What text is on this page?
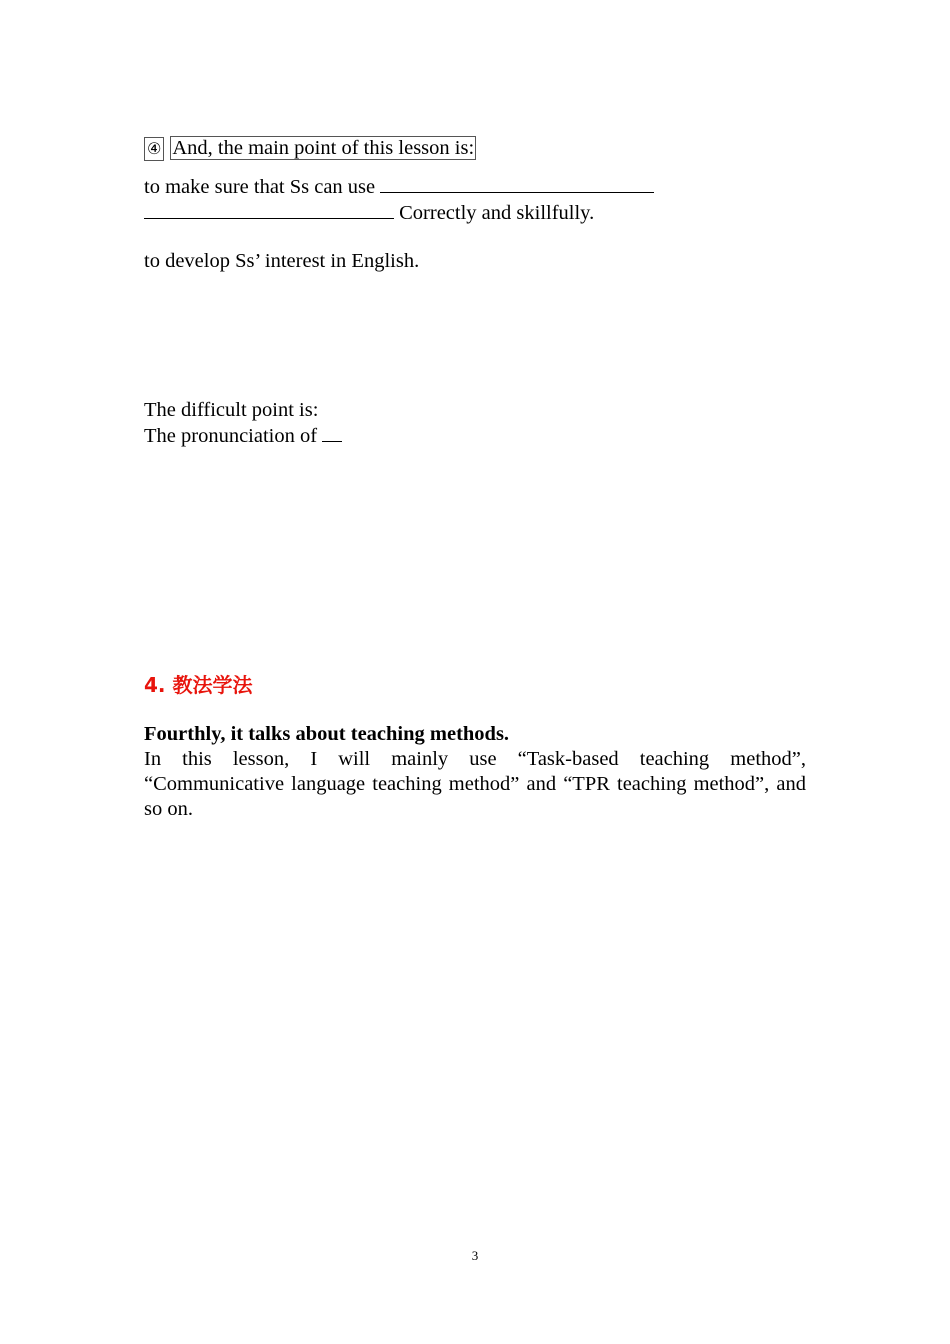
④ And, the main point of this lesson is:
to make sure that Ss can use
Correctly and skillfully.
to develop Ss’ interest in English.
The difficult point is:
The pronunciation of
4. 教法学法
Fourthly, it talks about teaching methods.
In this lesson, I will mainly use “Task-based teaching method”, “Communicative language teaching method” and “TPR teaching method”, and so on.
3
